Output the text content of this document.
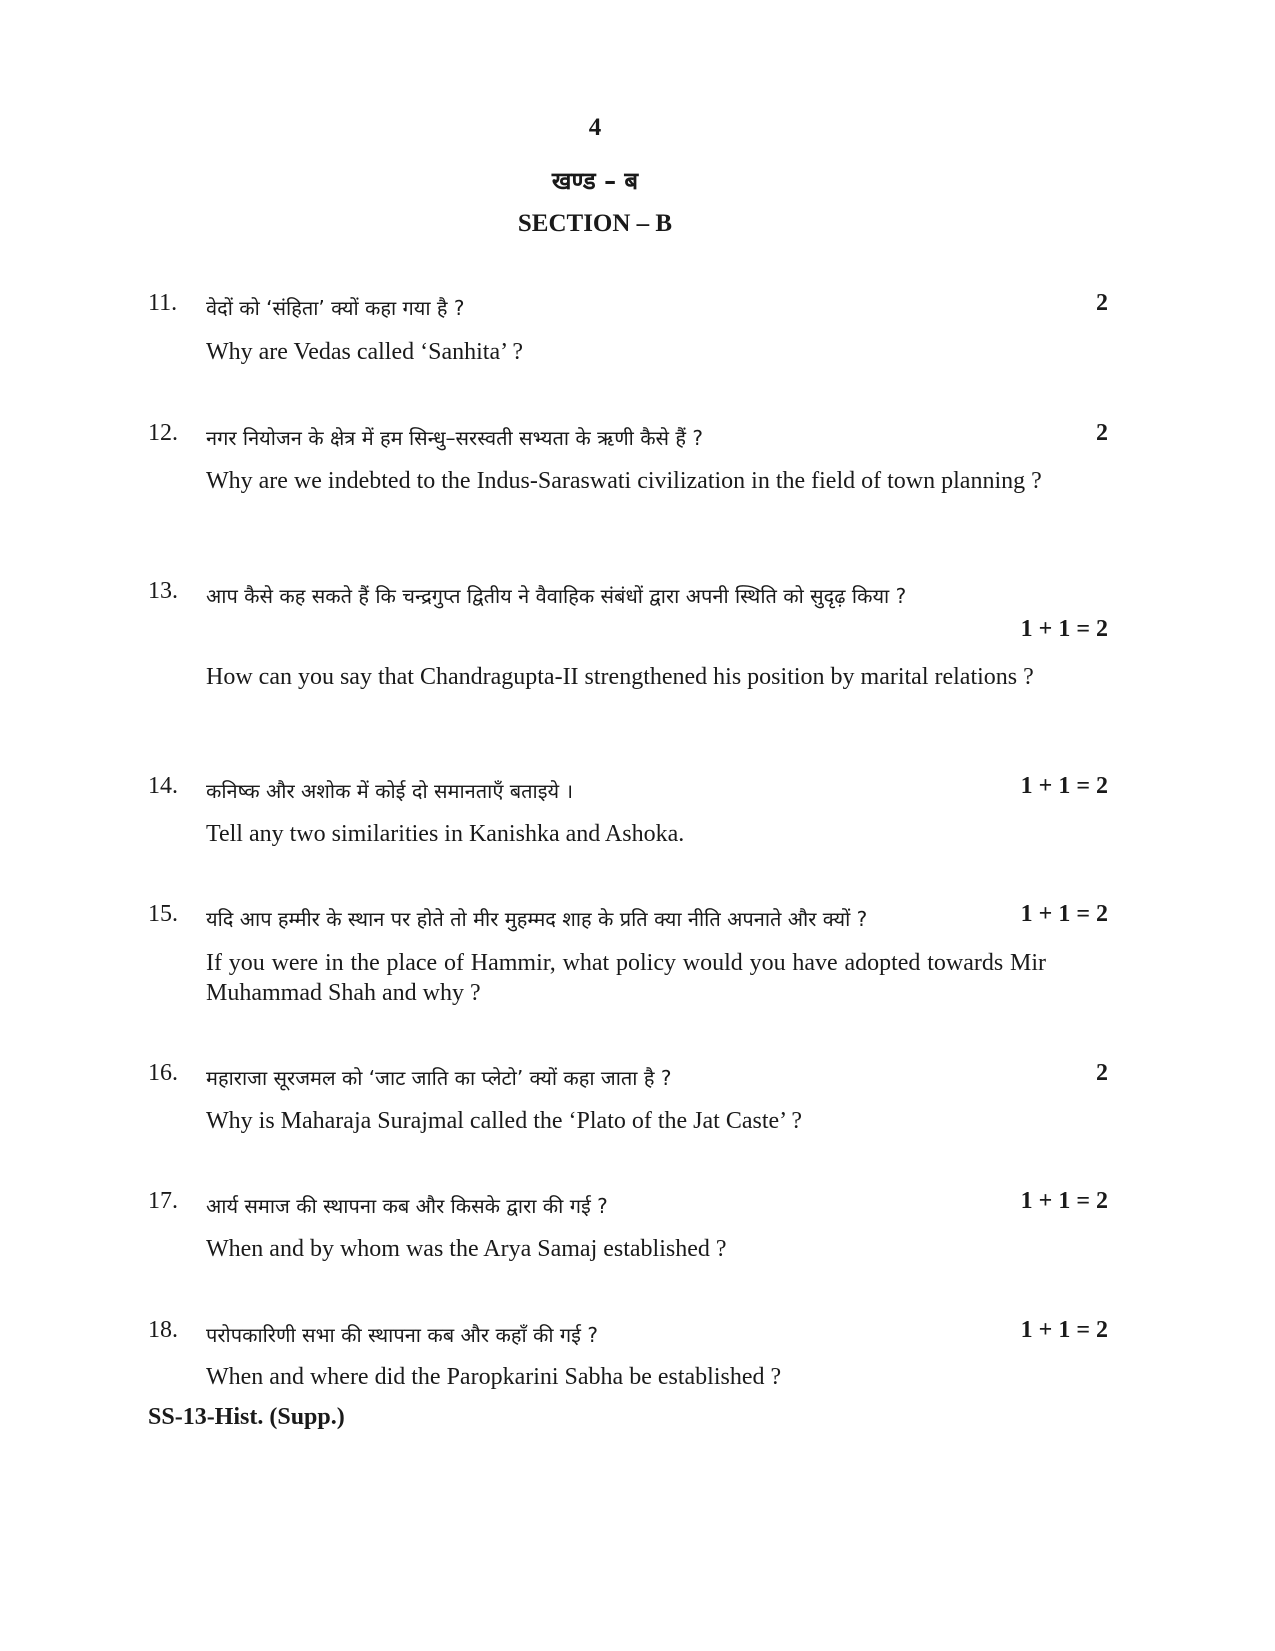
4
खण्ड – ब
SECTION – B
11. वेदों को ‘संहिता’ क्यों कहा गया है ?	2
Why are Vedas called ‘Sanhita’ ?
12. नगर नियोजन के क्षेत्र में हम सिन्धु–सरस्वती सभ्यता के ऋणी कैसे हैं ?	2
Why are we indebted to the Indus-Saraswati civilization in the field of town planning ?
13. आप कैसे कह सकते हैं कि चन्द्रगुप्त द्वितीय ने वैवाहिक संबंधों द्वारा अपनी स्थिति को सुदृढ़ किया ?
1 + 1 = 2
How can you say that Chandragupta-II strengthened his position by marital relations ?
14. कनिष्क और अशोक में कोई दो समानताएँ बताइये ।	1 + 1 = 2
Tell any two similarities in Kanishka and Ashoka.
15. यदि आप हम्मीर के स्थान पर होते तो मीर मुहम्मद शाह के प्रति क्या नीति अपनाते और क्यों ?	1 + 1 = 2
If you were in the place of Hammir, what policy would you have adopted towards Mir Muhammad Shah and why ?
16. महाराजा सूरजमल को ‘जाट जाति का प्लेटो’ क्यों कहा जाता है ?	2
Why is Maharaja Surajmal called the ‘Plato of the Jat Caste’ ?
17. आर्य समाज की स्थापना कब और किसके द्वारा की गई ?	1 + 1 = 2
When and by whom was the Arya Samaj established ?
18. परोपकारिणी सभा की स्थापना कब और कहाँ की गई ?	1 + 1 = 2
When and where did the Paropkarini Sabha be established ?
SS-13-Hist. (Supp.)
